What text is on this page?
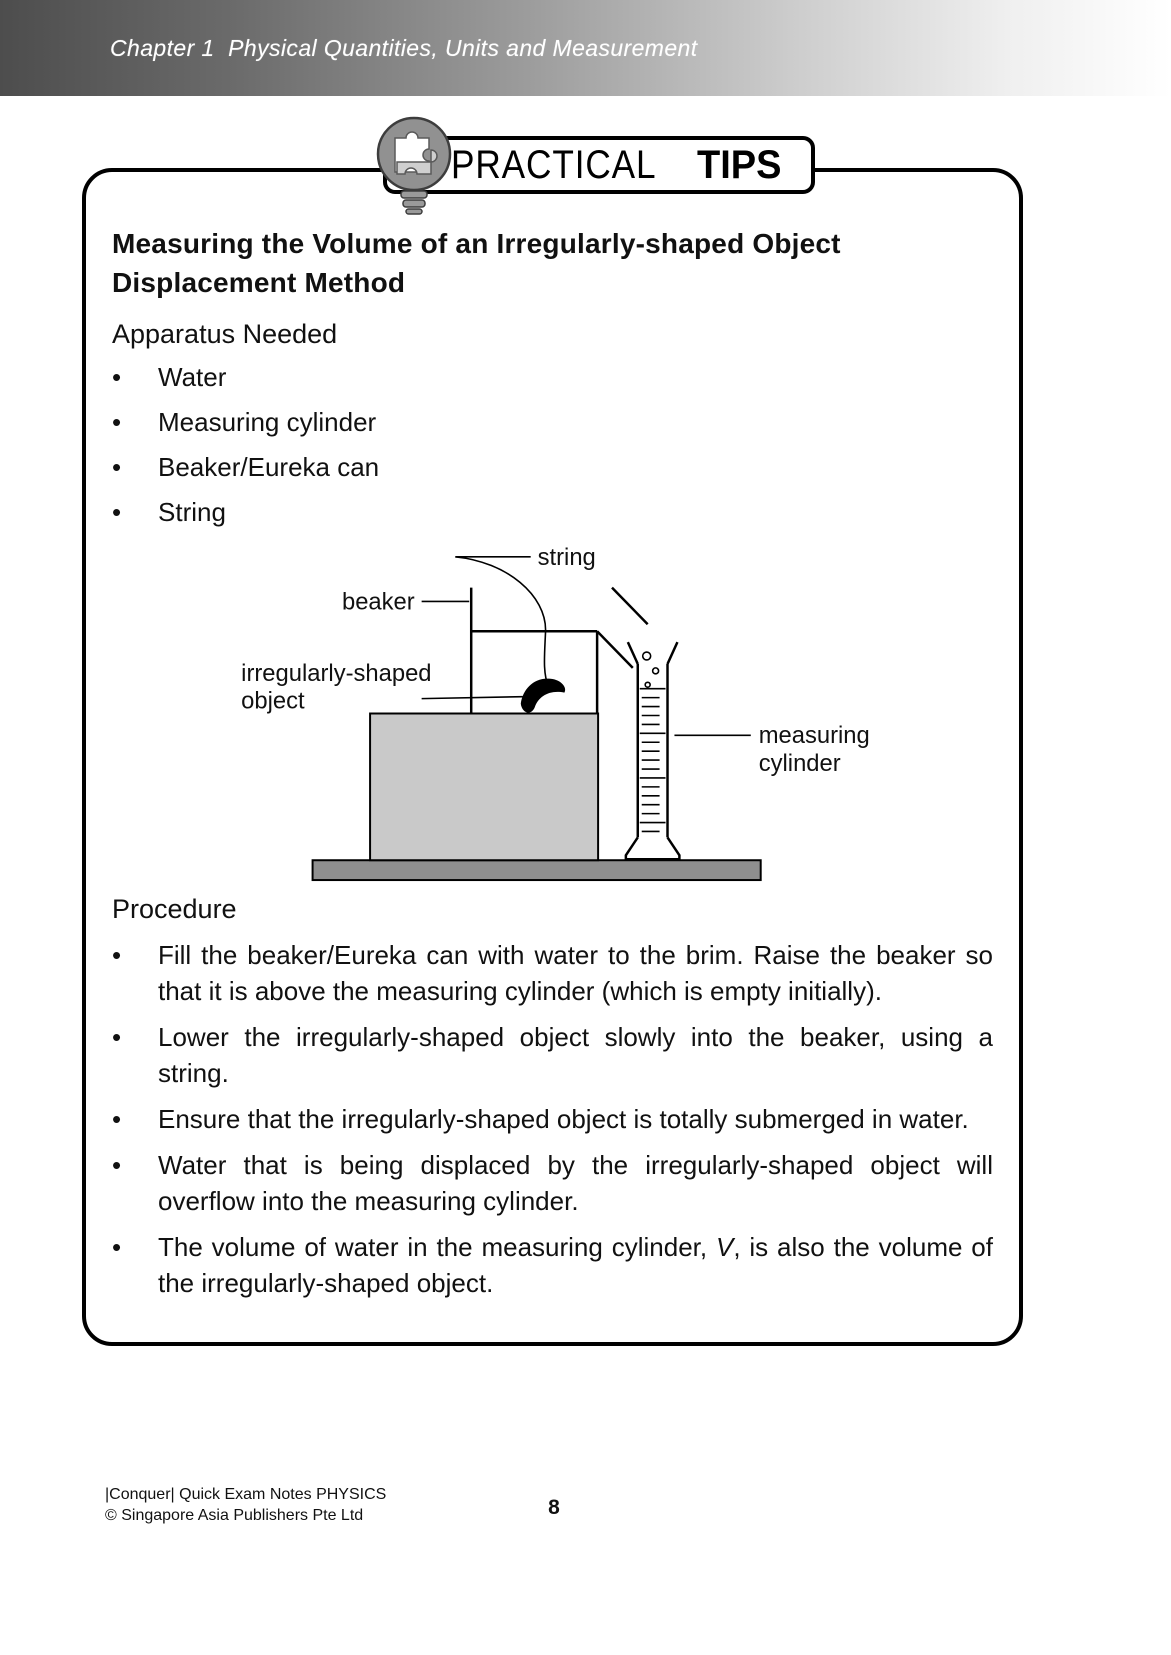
Chapter 1  Physical Quantities, Units and Measurement
PRACTICAL TIPS
Measuring the Volume of an Irregularly-shaped Object
Displacement Method
Apparatus Needed
•	Water
•	Measuring cylinder
•	Beaker/Eureka can
•	String
string
beaker
irregularly-shaped
object
measuring
cylinder
Procedure
•	Fill the beaker/Eureka can with water to the brim. Raise the beaker so that it is above the measuring cylinder (which is empty initially).
•	Lower the irregularly-shaped object slowly into the beaker, using a string.
•	Ensure that the irregularly-shaped object is totally submerged in water.
•	Water that is being displaced by the irregularly-shaped object will overflow into the measuring cylinder.
•	The volume of water in the measuring cylinder, V, is also the volume of the irregularly-shaped object.
|Conquer| Quick Exam Notes PHYSICS
© Singapore Asia Publishers Pte Ltd	8
